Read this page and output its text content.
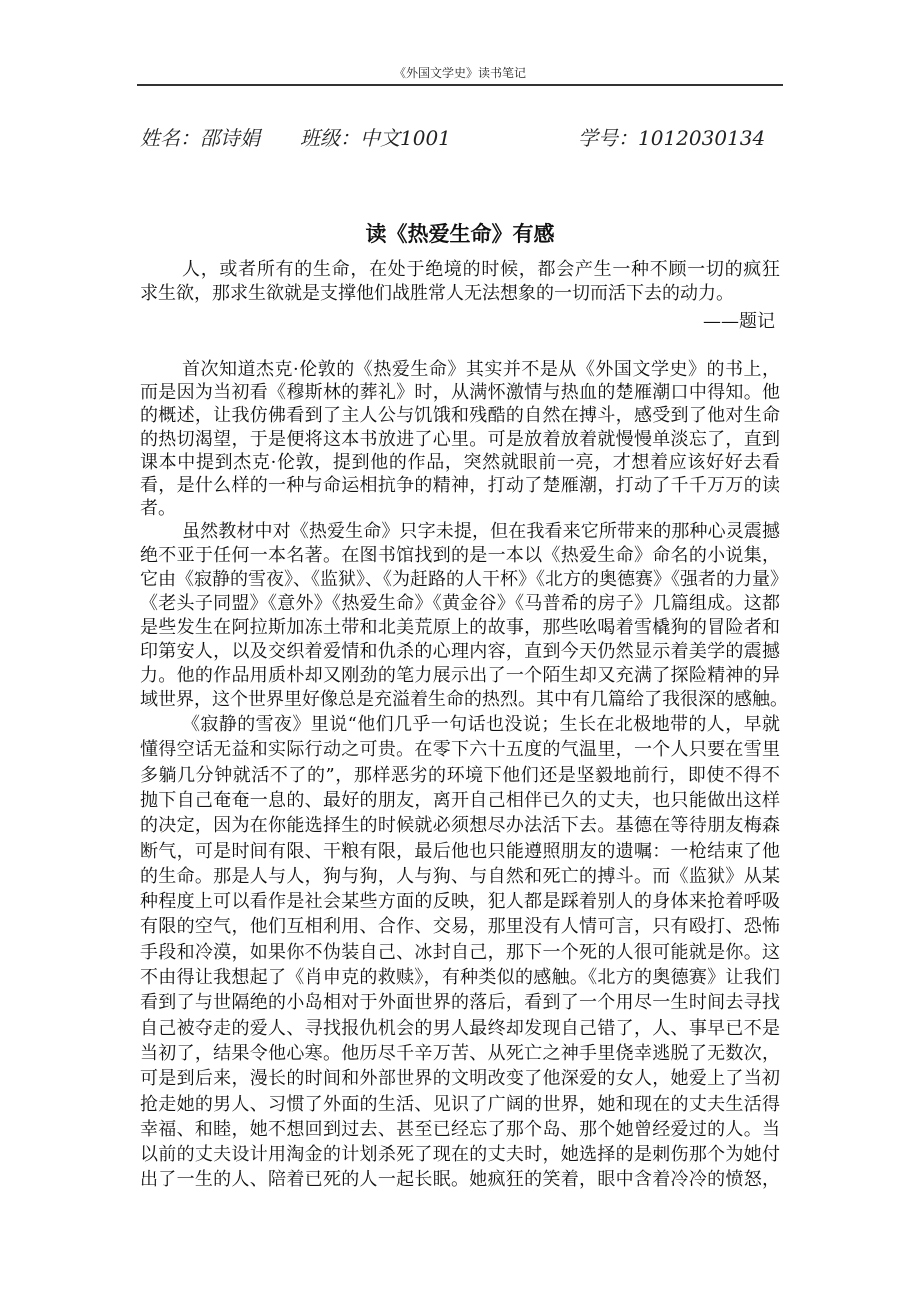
《外国文学史》读书笔记
姓名：邵诗娟 班级：中文1001	学号：1012030134
读《热爱生命》有感
人，或者所有的生命，在处于绝境的时候，都会产生一种不顾一切的疯狂
求生欲，那求生欲就是支撑他们战胜常人无法想象的一切而活下去的动力。
——题记
首次知道杰克·伦敦的《热爱生命》其实并不是从《外国文学史》的书上，
而是因为当初看《穆斯林的葬礼》时，从满怀激情与热血的楚雁潮口中得知。他
的概述，让我仿佛看到了主人公与饥饿和残酷的自然在搏斗，感受到了他对生命
的热切渴望，于是便将这本书放进了心里。可是放着放着就慢慢单淡忘了，直到
课本中提到杰克·伦敦，提到他的作品，突然就眼前一亮，才想着应该好好去看
看，是什么样的一种与命运相抗争的精神，打动了楚雁潮，打动了千千万万的读
者。
虽然教材中对《热爱生命》只字未提，但在我看来它所带来的那种心灵震撼
绝不亚于任何一本名著。在图书馆找到的是一本以《热爱生命》命名的小说集，
它由《寂静的雪夜》、《监狱》、《为赶路的人干杯》《北方的奥德赛》《强者的力量》
《老头子同盟》《意外》《热爱生命》《黄金谷》《马普希的房子》几篇组成。这都
是些发生在阿拉斯加冻土带和北美荒原上的故事，那些吆喝着雪橇狗的冒险者和
印第安人，以及交织着爱情和仇杀的心理内容，直到今天仍然显示着美学的震撼
力。他的作品用质朴却又刚劲的笔力展示出了一个陌生却又充满了探险精神的异
域世界，这个世界里好像总是充溢着生命的热烈。其中有几篇给了我很深的感触。
《寂静的雪夜》里说“他们几乎一句话也没说；生长在北极地带的人，早就
懂得空话无益和实际行动之可贵。在零下六十五度的气温里，一个人只要在雪里
多躺几分钟就活不了的”，那样恶劣的环境下他们还是坚毅地前行，即使不得不
抛下自己奄奄一息的、最好的朋友，离开自己相伴已久的丈夫，也只能做出这样
的决定，因为在你能选择生的时候就必须想尽办法活下去。基德在等待朋友梅森
断气，可是时间有限、干粮有限，最后他也只能遵照朋友的遗嘱：一枪结束了他
的生命。那是人与人，狗与狗，人与狗、与自然和死亡的搏斗。而《监狱》从某
种程度上可以看作是社会某些方面的反映，犯人都是踩着别人的身体来抢着呼吸
有限的空气，他们互相利用、合作、交易，那里没有人情可言，只有殴打、恐怖
手段和冷漠，如果你不伪装自己、冰封自己，那下一个死的人很可能就是你。这
不由得让我想起了《肖申克的救赎》，有种类似的感触。《北方的奥德赛》让我们
看到了与世隔绝的小岛相对于外面世界的落后，看到了一个用尽一生时间去寻找
自己被夺走的爱人、寻找报仇机会的男人最终却发现自己错了，人、事早已不是
当初了，结果令他心寒。他历尽千辛万苦、从死亡之神手里侥幸逃脱了无数次，
可是到后来，漫长的时间和外部世界的文明改变了他深爱的女人，她爱上了当初
抢走她的男人、习惯了外面的生活、见识了广阔的世界，她和现在的丈夫生活得
幸福、和睦，她不想回到过去、甚至已经忘了那个岛、那个她曾经爱过的人。当
以前的丈夫设计用淘金的计划杀死了现在的丈夫时，她选择的是刺伤那个为她付
出了一生的人、陪着已死的人一起长眠。她疯狂的笑着，眼中含着冷冷的愤怒，
